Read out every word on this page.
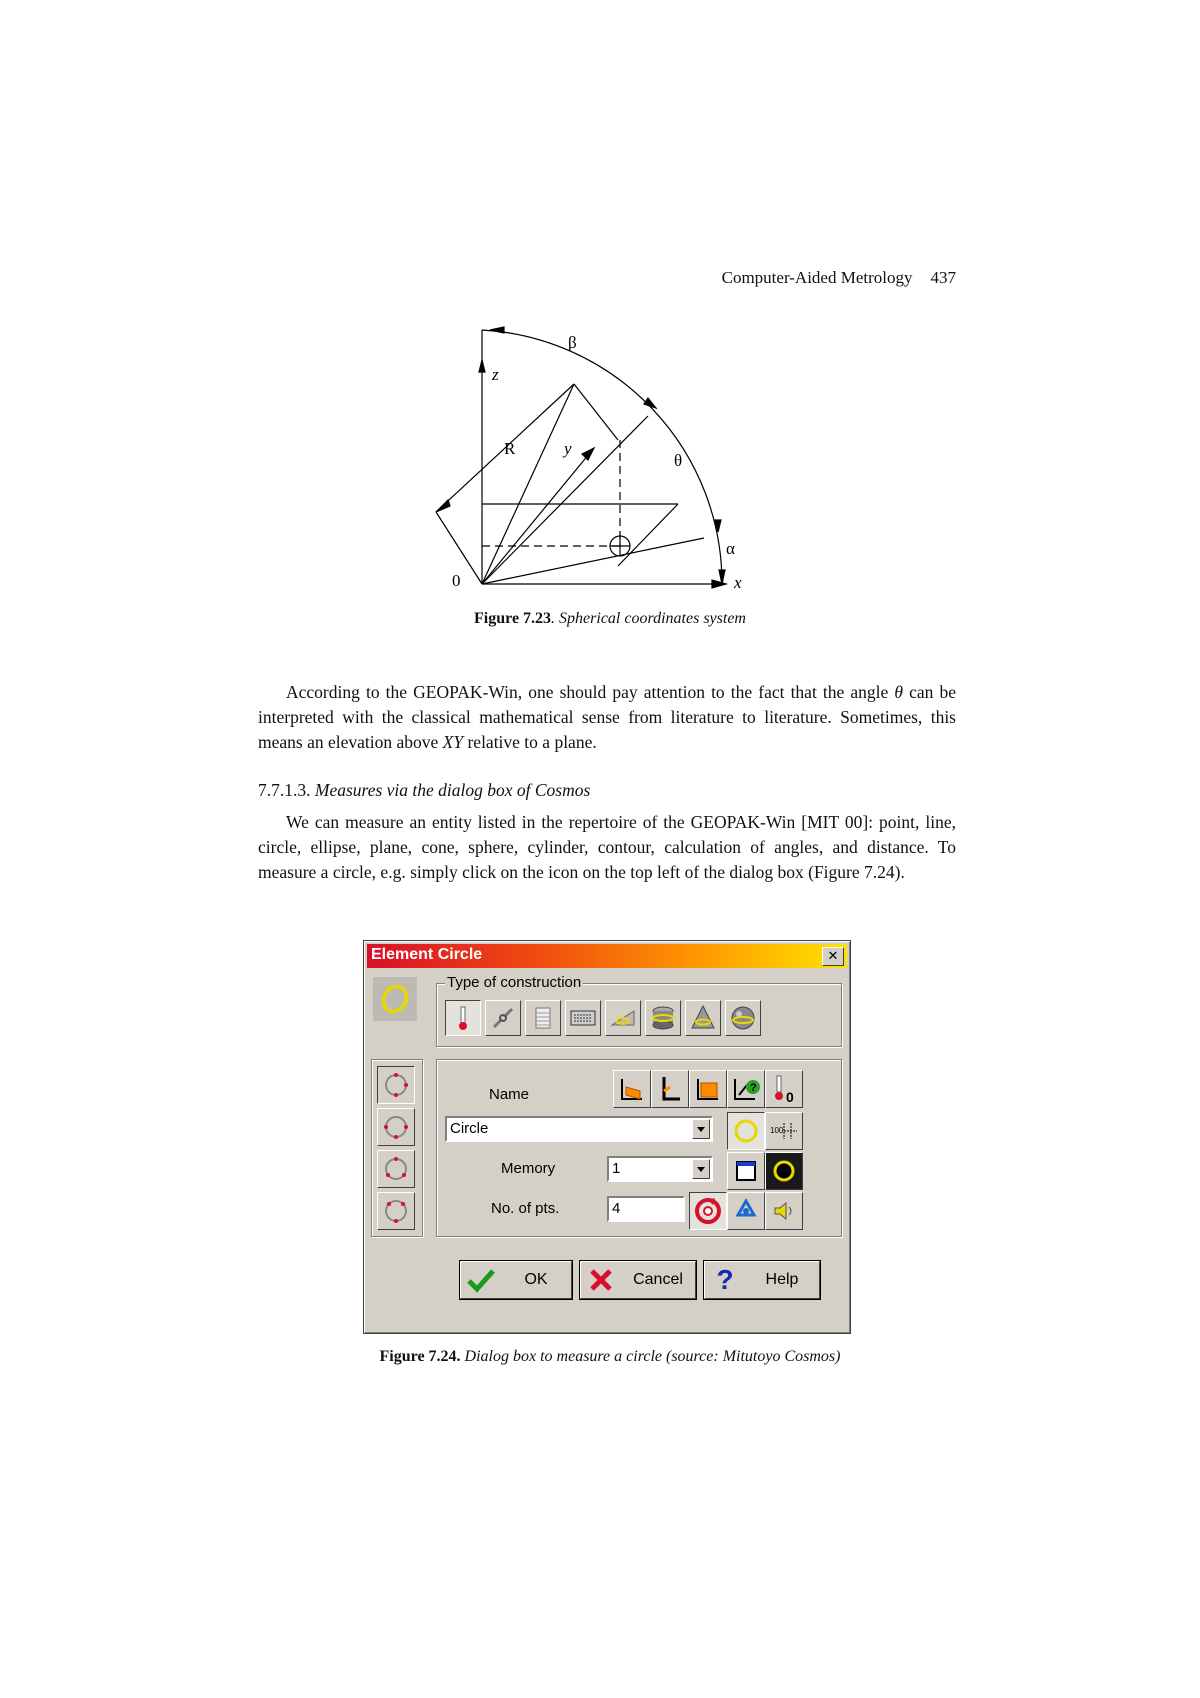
Computer-Aided Metrology 437
β
z
R	y
θ
α
0	x
Figure 7.23. Spherical coordinates system
According to the GEOPAK-Win, one should pay attention to the fact that the angle θ can be interpreted with the classical mathematical sense from literature to literature. Sometimes, this means an elevation above XY relative to a plane.
7.7.1.3. Measures via the dialog box of Cosmos
We can measure an entity listed in the repertoire of the GEOPAK-Win [MIT 00]: point, line, circle, ellipse, plane, cone, sphere, cylinder, contour, calculation of angles, and distance. To measure a circle, e.g. simply click on the icon on the top left of the dialog box (Figure 7.24).
Element Circle	✕
Type of construction
Name	?
0
Circle	100
Memory	1
No. of pts.	4
OK	Cancel	?	Help
Figure 7.24. Dialog box to measure a circle (source: Mitutoyo Cosmos)
